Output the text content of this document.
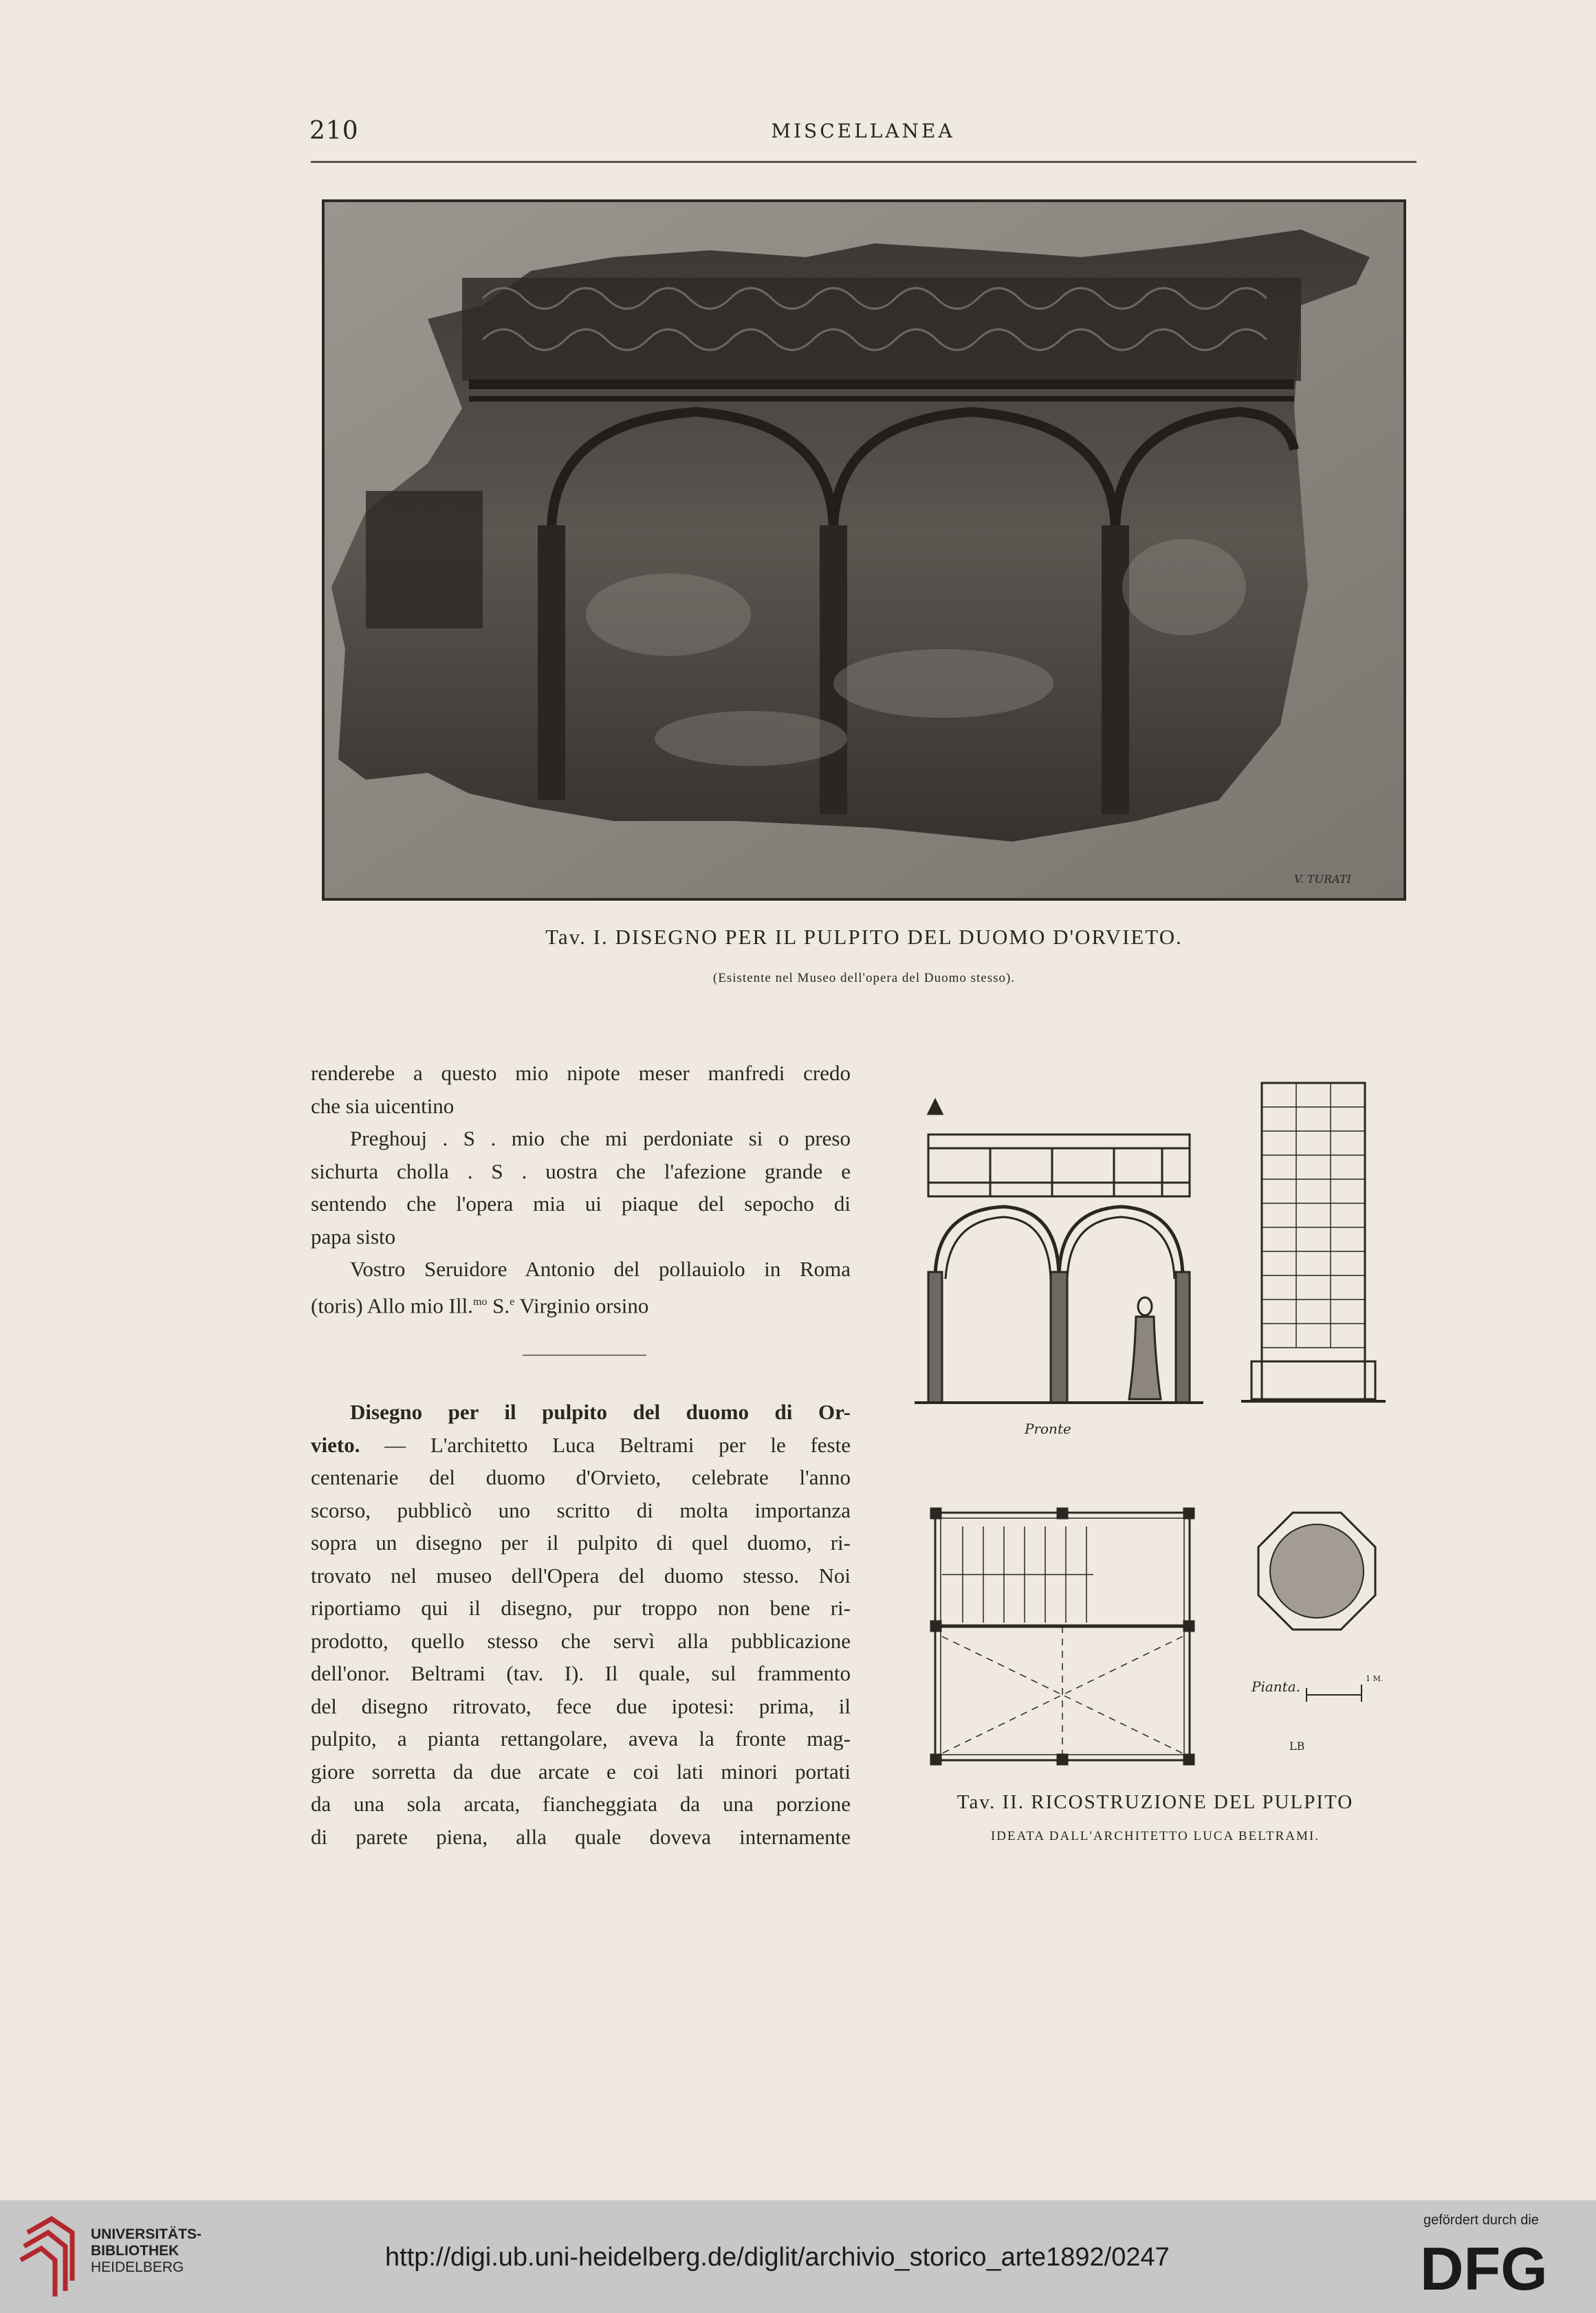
210	MISCELLANEA
V. TURATI
Tav. I. DISEGNO PER IL PULPITO DEL DUOMO D'ORVIETO.
(Esistente nel Museo dell'opera del Duomo stesso).
renderebe a questo mio nipote meser manfredi credo
che sia uicentino
Preghouj . S . mio che mi perdoniate si o preso
sichurta cholla . S . uostra che l'afezione grande e
sentendo che l'opera mia ui piaque del sepocho di
papa sisto
Vostro Seruidore Antonio del pollauiolo in Roma
(toris) Allo mio Ill.$^{mo}$ S.$^e$ Virginio orsino
Disegno per il pulpito del duomo di Or-
vieto. — L'architetto Luca Beltrami per le feste
centenarie del duomo d'Orvieto, celebrate l'anno
scorso, pubblicò uno scritto di molta importanza
sopra un disegno per il pulpito di quel duomo, ri-
trovato nel museo dell'Opera del duomo stesso. Noi
riportiamo qui il disegno, pur troppo non bene ri-
prodotto, quello stesso che servì alla pubblicazione
dell'onor. Beltrami (tav. I). Il quale, sul frammento
del disegno ritrovato, fece due ipotesi: prima, il
pulpito, a pianta rettangolare, aveva la fronte mag-
giore sorretta da due arcate e coi lati minori portati
da una sola arcata, fiancheggiata da una porzione
di parete piena, alla quale doveva internamente
Pronte
Pianta.	1 M.
LB
Tav. II. RICOSTRUZIONE DEL PULPITO
IDEATA DALL'ARCHITETTO LUCA BELTRAMI.
UNIVERSITÄTS-
BIBLIOTHEK
HEIDELBERG	http://digi.ub.uni-heidelberg.de/diglit/archivio_storico_arte1892/0247
gefördert durch die
DFG
